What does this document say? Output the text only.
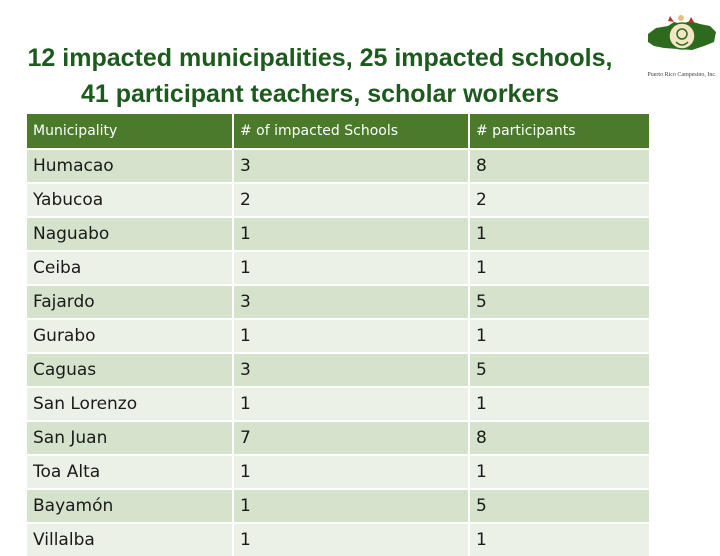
12 impacted municipalities, 25 impacted schools,
41 participant teachers, scholar workers
Puerto Rico Campesino, Inc.
Municipality	# of impacted Schools	# participants
Humacao	3	8
Yabucoa	2	2
Naguabo	1	1
Ceiba	1	1
Fajardo	3	5
Gurabo	1	1
Caguas	3	5
San Lorenzo	1	1
San Juan	7	8
Toa Alta	1	1
Bayamón	1	5
Villalba	1	1
